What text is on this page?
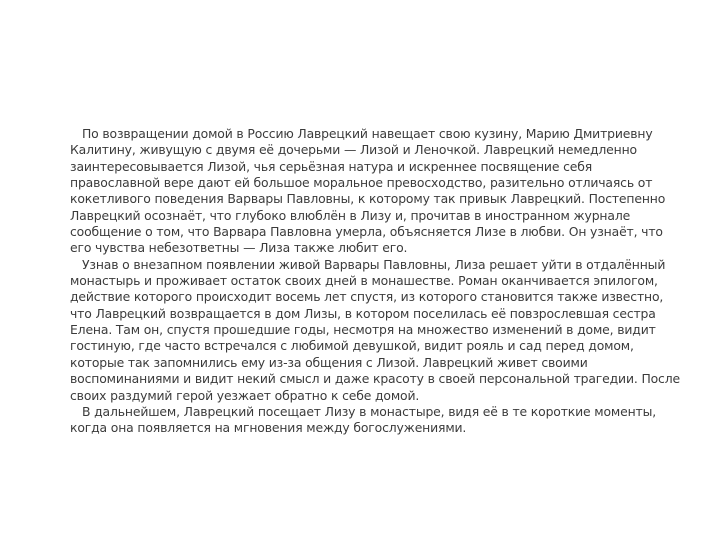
По возвращении домой в Россию Лаврецкий навещает свою кузину, Марию Дмитриевну Калитину, живущую с двумя её дочерьми — Лизой и Леночкой. Лаврецкий немедленно заинтересовывается Лизой, чья серьёзная натура и искреннее посвящение себя православной вере дают ей большое моральное превосходство, разительно отличаясь от кокетливого поведения Варвары Павловны, к которому так привык Лаврецкий. Постепенно Лаврецкий осознаёт, что глубоко влюблён в Лизу и, прочитав в иностранном журнале сообщение о том, что Варвара Павловна умерла, объясняется Лизе в любви. Он узнаёт, что его чувства небезответны — Лиза также любит его.

Узнав о внезапном появлении живой Варвары Павловны, Лиза решает уйти в отдалённый монастырь и проживает остаток своих дней в монашестве. Роман оканчивается эпилогом, действие которого происходит восемь лет спустя, из которого становится также известно, что Лаврецкий возвращается в дом Лизы, в котором поселилась её повзрослевшая сестра Елена. Там он, спустя прошедшие годы, несмотря на множество изменений в доме, видит гостиную, где часто встречался с любимой девушкой, видит рояль и сад перед домом, которые так запомнились ему из-за общения с Лизой. Лаврецкий живет своими воспоминаниями и видит некий смысл и даже красоту в своей персональной трагедии. После своих раздумий герой уезжает обратно к себе домой.

В дальнейшем, Лаврецкий посещает Лизу в монастыре, видя её в те короткие моменты, когда она появляется на мгновения между богослужениями.
